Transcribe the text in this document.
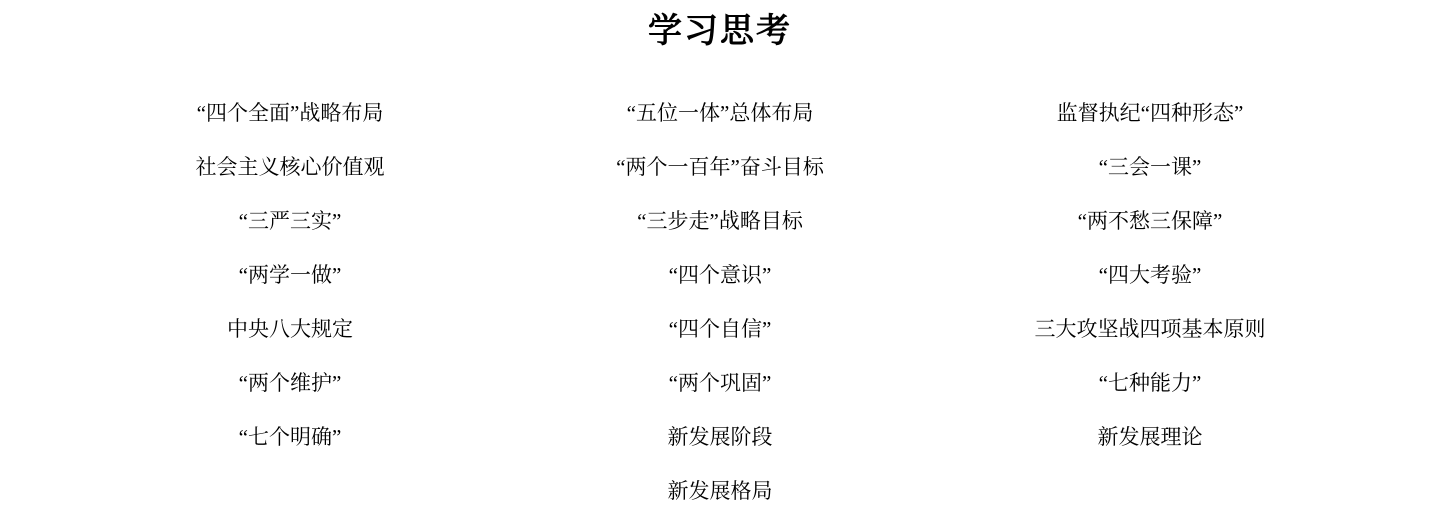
学习思考
“四个全面”战略布局
社会主义核心价值观
“三严三实”
“两学一做”
中央八大规定
“两个维护”
“七个明确”
“五位一体”总体布局
“两个一百年”奋斗目标
“三步走”战略目标
“四个意识”
“四个自信”
“两个巩固”
新发展阶段
新发展格局
监督执纪“四种形态”
“三会一课”
“两不愁三保障”
“四大考验”
三大攻坚战四项基本原则
“七种能力”
新发展理论
